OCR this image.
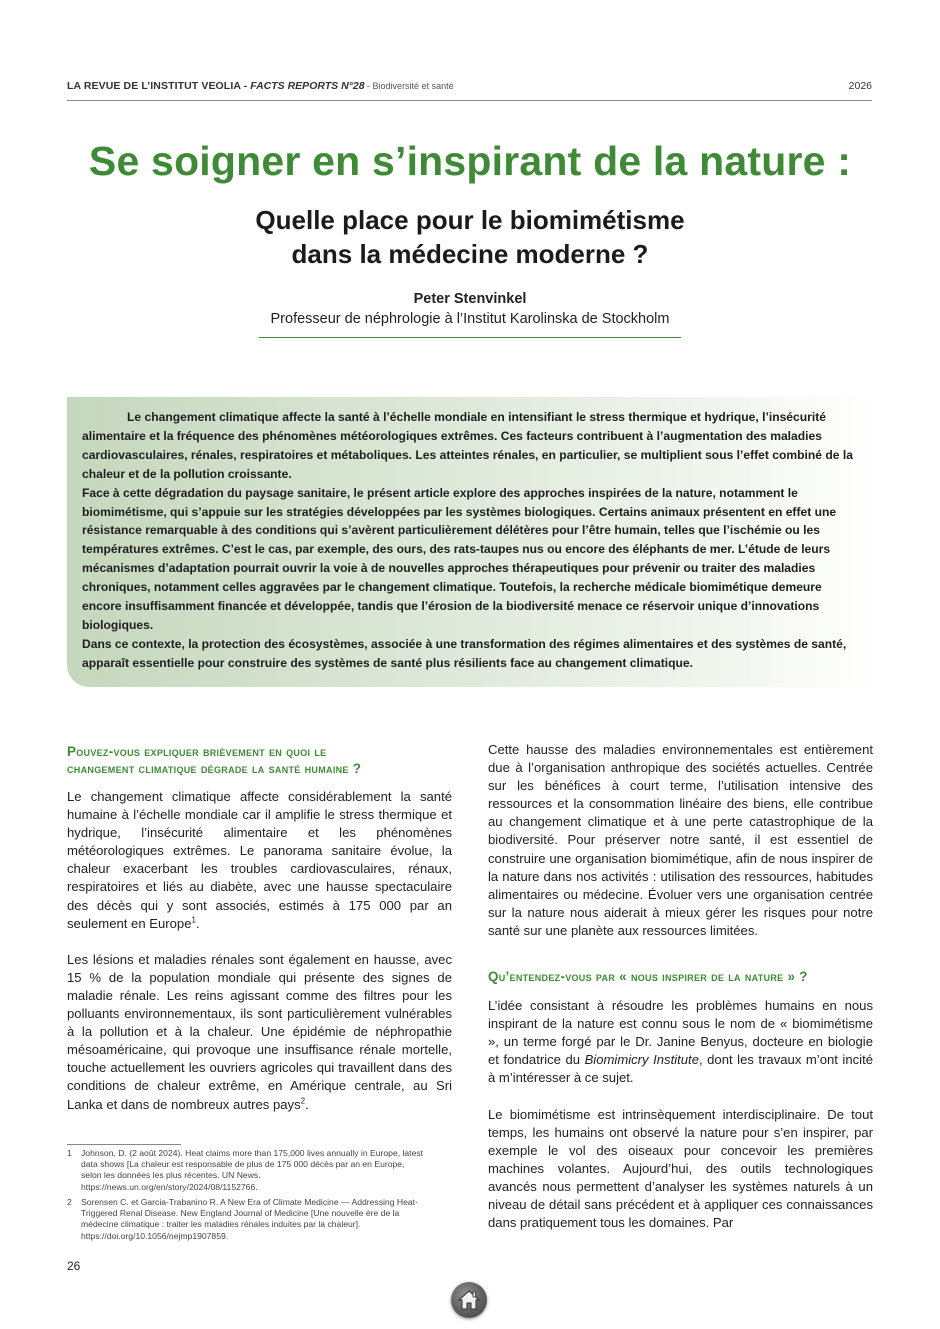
LA REVUE DE L’INSTITUT VEOLIA - FACTS REPORTS N°28 - Biodiversité et santé	2026
Se soigner en s’inspirant de la nature :
Quelle place pour le biomimétisme
dans la médecine moderne ?
Peter Stenvinkel
Professeur de néphrologie à l’Institut Karolinska de Stockholm

Le changement climatique affecte la santé à l’échelle mondiale en intensifiant le stress thermique et hydrique, l’insécurité alimentaire et la fréquence des phénomènes météorologiques extrêmes. Ces facteurs contribuent à l’augmentation des maladies cardiovasculaires, rénales, respiratoires et métaboliques. Les atteintes rénales, en particulier, se multiplient sous l’effet combiné de la chaleur et de la pollution croissante.

Face à cette dégradation du paysage sanitaire, le présent article explore des approches inspirées de la nature, notamment le biomimétisme, qui s’appuie sur les stratégies développées par les systèmes biologiques. Certains animaux présentent en effet une résistance remarquable à des conditions qui s’avèrent particulièrement délétères pour l’être humain, telles que l’ischémie ou les températures extrêmes. C’est le cas, par exemple, des ours, des rats-taupes nus ou encore des éléphants de mer. L’étude de leurs mécanismes d’adaptation pourrait ouvrir la voie à de nouvelles approches thérapeutiques pour prévenir ou traiter des maladies chroniques, notamment celles aggravées par le changement climatique. Toutefois, la recherche médicale biomimétique demeure encore insuffisamment financée et développée, tandis que l’érosion de la biodiversité menace ce réservoir unique d’innovations biologiques.

Dans ce contexte, la protection des écosystèmes, associée à une transformation des régimes alimentaires et des systèmes de santé, apparaît essentielle pour construire des systèmes de santé plus résilients face au changement climatique.

Pouvez-vous expliquer brièvement en quoi le
changement climatique dégrade la santé humaine ?

Le changement climatique affecte considérablement la santé humaine à l’échelle mondiale car il amplifie le stress thermique et hydrique, l’insécurité alimentaire et les phénomènes météorologiques extrêmes. Le panorama sanitaire évolue, la chaleur exacerbant les troubles cardiovasculaires, rénaux, respiratoires et liés au diabète, avec une hausse spectaculaire des décès qui y sont associés, estimés à 175 000 par an seulement en Europe$^1$.

Les lésions et maladies rénales sont également en hausse, avec 15 % de la population mondiale qui présente des signes de maladie rénale. Les reins agissant comme des filtres pour les polluants environnementaux, ils sont particulièrement vulnérables à la pollution et à la chaleur. Une épidémie de néphropathie mésoaméricaine, qui provoque une insuffisance rénale mortelle, touche actuellement les ouvriers agricoles qui travaillent dans des conditions de chaleur extrême, en Amérique centrale, au Sri Lanka et dans de nombreux autres pays$^2$.

1 Johnson, D. (2 août 2024). Heat claims more than 175,000 lives annually in Europe, latest data shows [La chaleur est responsable de plus de 175 000 décès par an en Europe, selon les données les plus récentes. UN News. https://news.un.org/en/story/2024/08/1152766.
2 Sorensen C. et Garcia-Trabanino R. A New Era of Climate Medicine — Addressing Heat-Triggered Renal Disease. New England Journal of Medicine [Une nouvelle ère de la médecine climatique : traiter les maladies rénales induites par la chaleur]. https://doi.org/10.1056/nejmp1907859.

Cette hausse des maladies environnementales est entièrement due à l’organisation anthropique des sociétés actuelles. Centrée sur les bénéfices à court terme, l’utilisation intensive des ressources et la consommation linéaire des biens, elle contribue au changement climatique et à une perte catastrophique de la biodiversité. Pour préserver notre santé, il est essentiel de construire une organisation biomimétique, afin de nous inspirer de la nature dans nos activités : utilisation des ressources, habitudes alimentaires ou médecine. Évoluer vers une organisation centrée sur la nature nous aiderait à mieux gérer les risques pour notre santé sur une planète aux ressources limitées.

Qu’entendez-vous par « nous inspirer de la nature » ?

L’idée consistant à résoudre les problèmes humains en nous inspirant de la nature est connu sous le nom de « biomimétisme », un terme forgé par le Dr. Janine Benyus, docteure en biologie et fondatrice du Biomimicry Institute, dont les travaux m’ont incité à m’intéresser à ce sujet.

Le biomimétisme est intrinsèquement interdisciplinaire. De tout temps, les humains ont observé la nature pour s’en inspirer, par exemple le vol des oiseaux pour concevoir les premières machines volantes. Aujourd’hui, des outils technologiques avancés nous permettent d’analyser les systèmes naturels à un niveau de détail sans précédent et à appliquer ces connaissances dans pratiquement tous les domaines. Par

26
